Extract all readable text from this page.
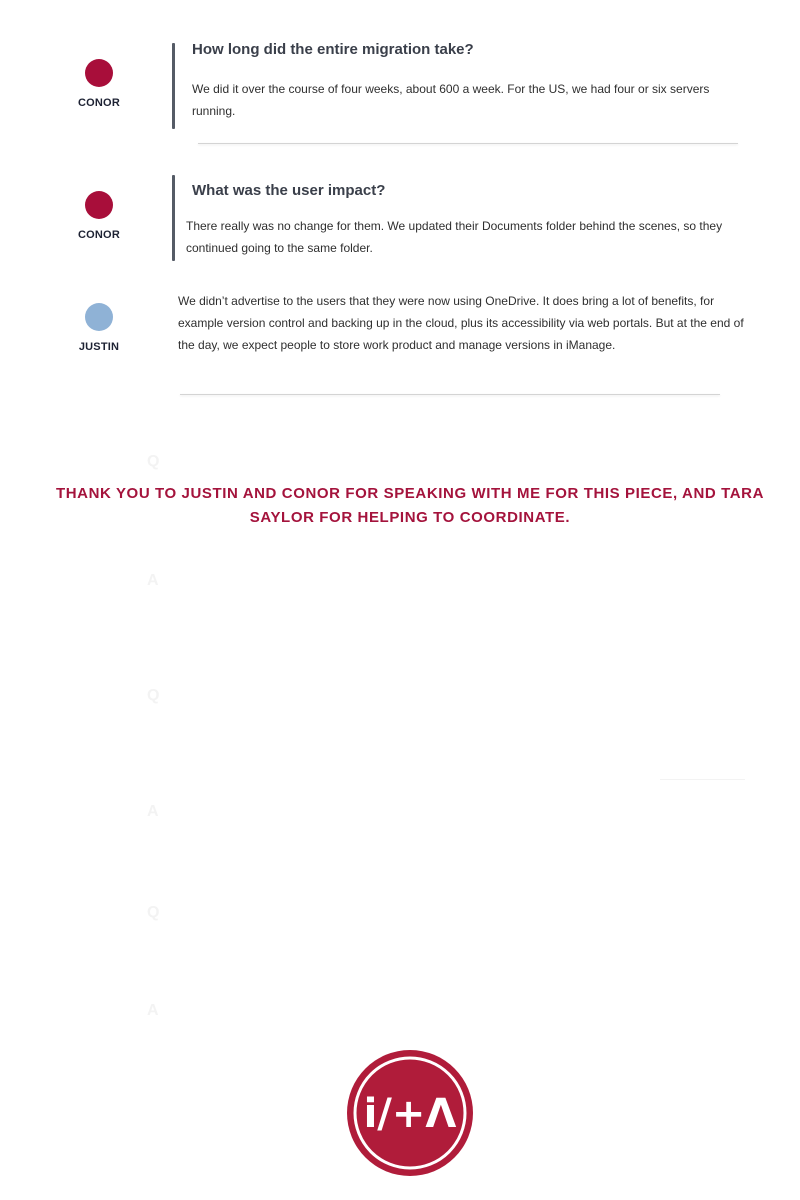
CONOR
How long did the entire migration take?

We did it over the course of four weeks, about 600 a week. For the US, we had four or six servers running.

CONOR
What was the user impact?

There really was no change for them. We updated their Documents folder behind the scenes, so they continued going to the same folder.

JUSTIN

We didn’t advertise to the users that they were now using OneDrive. It does bring a lot of benefits, for example version control and backing up in the cloud, plus its accessibility via web portals. But at the end of the day, we expect people to store work product and manage versions in iManage.

Q
A
Q
A
Q
A

THANK YOU TO JUSTIN AND CONOR FOR SPEAKING WITH ME FOR THIS PIECE, AND TARA SAYLOR FOR HELPING TO COORDINATE.

i/+Λ
